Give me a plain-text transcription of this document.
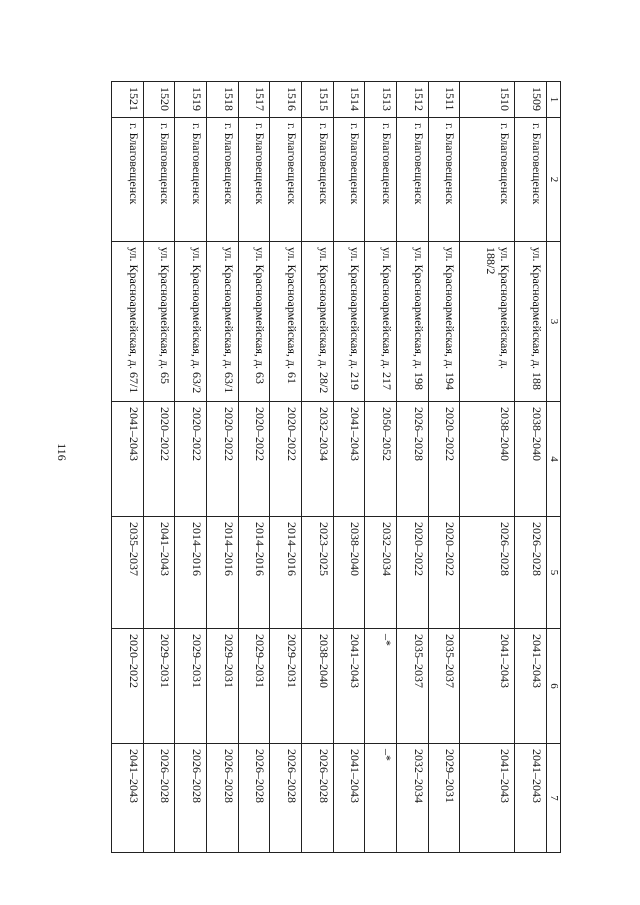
116
1	2	3	4	5	6	7
1509	г. Благовещенск	ул. Красноармейская, д. 188	2038–2040	2026–2028	2041–2043	2041–2043
1510	г. Благовещенск	ул. Красноармейская, д. 188/2	2038–2040	2026–2028	2041–2043	2041–2043
1511	г. Благовещенск	ул. Красноармейская, д. 194	2020–2022	2020–2022	2035–2037	2029–2031
1512	г. Благовещенск	ул. Красноармейская, д. 198	2026–2028	2020–2022	2035–2037	2032–2034
1513	г. Благовещенск	ул. Красноармейская, д. 217	2050–2052	2032–2034	–*	–*
1514	г. Благовещенск	ул. Красноармейская, д. 219	2041–2043	2038–2040	2041–2043	2041–2043
1515	г. Благовещенск	ул. Красноармейская, д. 28/2	2032–2034	2023–2025	2038–2040	2026–2028
1516	г. Благовещенск	ул. Красноармейская, д. 61	2020–2022	2014–2016	2029–2031	2026–2028
1517	г. Благовещенск	ул. Красноармейская, д. 63	2020–2022	2014–2016	2029–2031	2026–2028
1518	г. Благовещенск	ул. Красноармейская, д. 63/1	2020–2022	2014–2016	2029–2031	2026–2028
1519	г. Благовещенск	ул. Красноармейская, д. 63/2	2020–2022	2014–2016	2029–2031	2026–2028
1520	г. Благовещенск	ул. Красноармейская, д. 65	2020–2022	2041–2043	2029–2031	2026–2028
1521	г. Благовещенск	ул. Красноармейская, д. 67/1	2041–2043	2035–2037	2020–2022	2041–2043
